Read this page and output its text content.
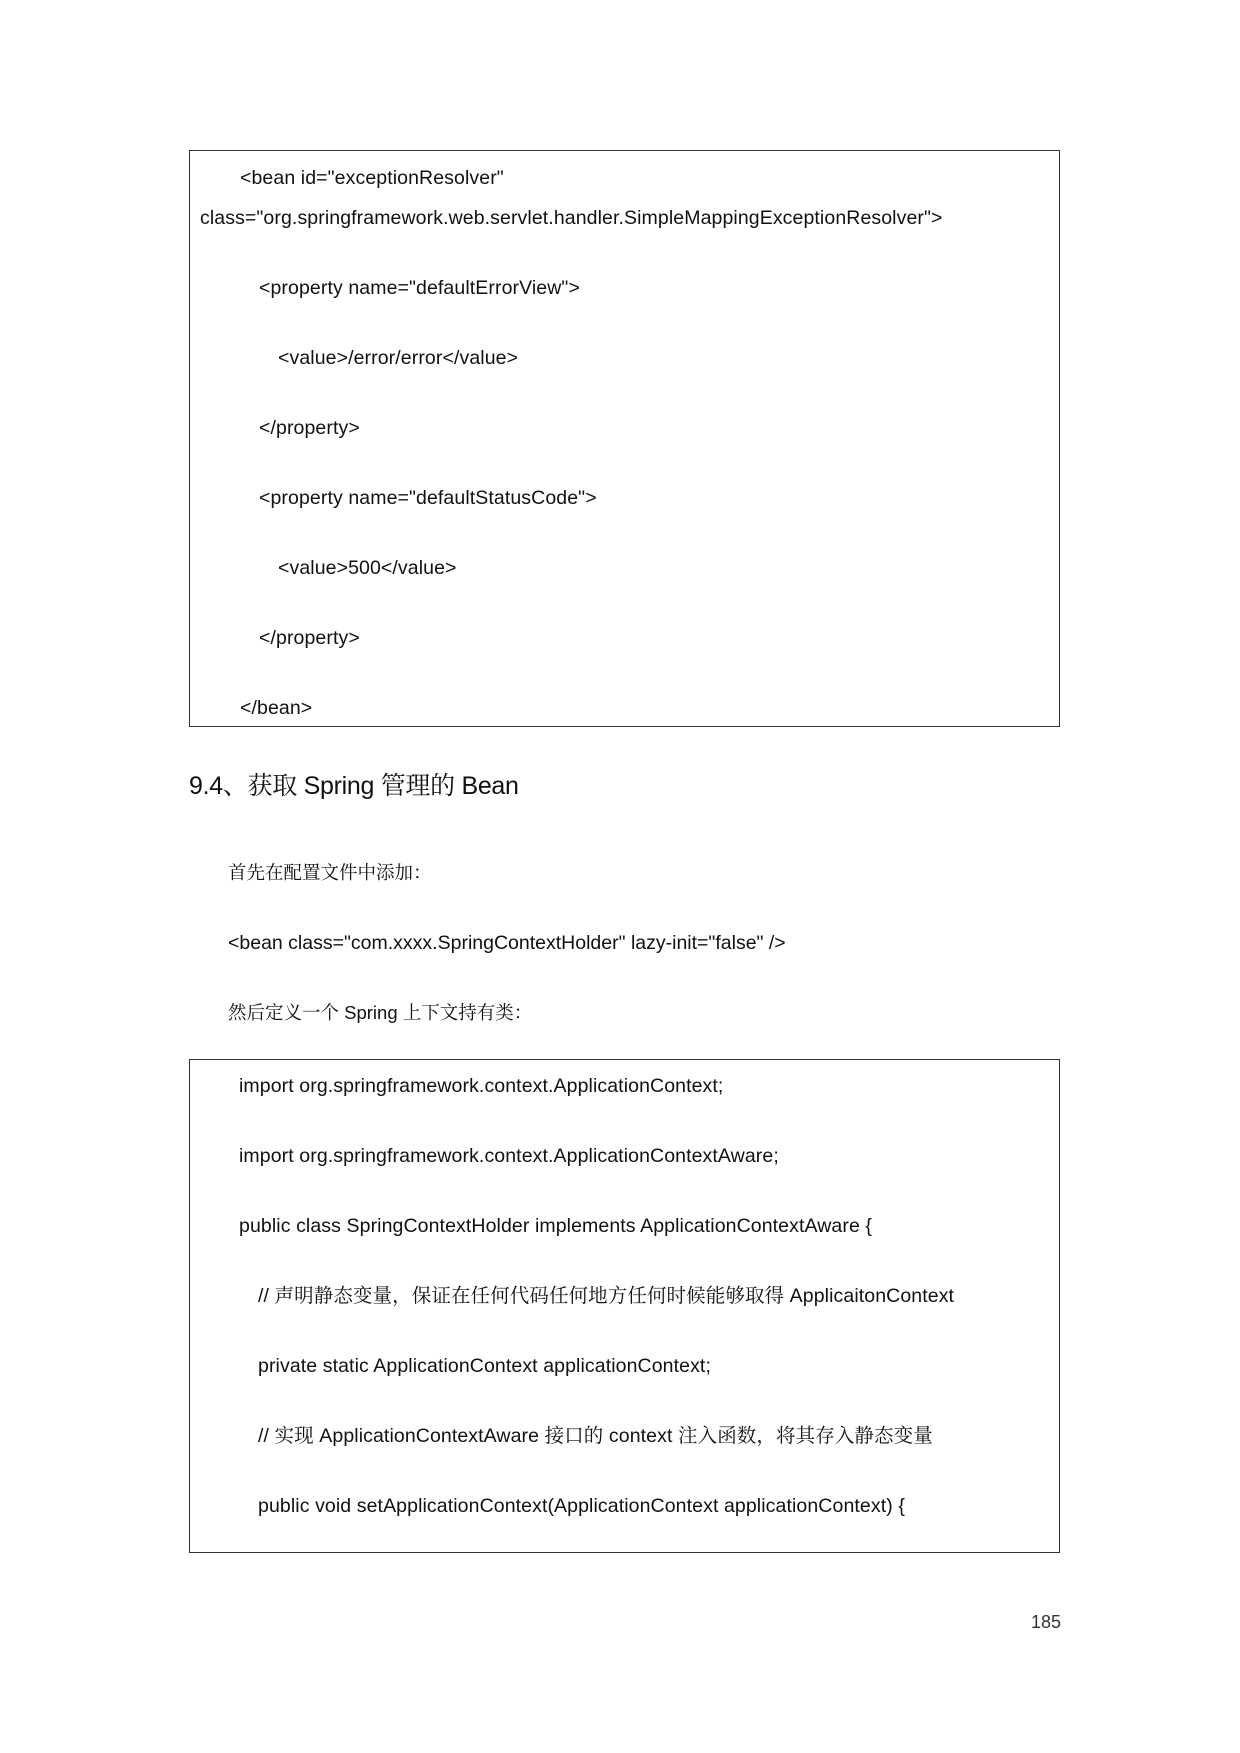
<bean id="exceptionResolver"
class="org.springframework.web.servlet.handler.SimpleMappingExceptionResolver">
<property name="defaultErrorView">
<value>/error/error</value>
</property>
<property name="defaultStatusCode">
<value>500</value>
</property>
</bean>
9.4、获取 Spring 管理的 Bean
首先在配置文件中添加：
<bean class="com.xxxx.SpringContextHolder" lazy-init="false" />
然后定义一个 Spring 上下文持有类：
import org.springframework.context.ApplicationContext;
import org.springframework.context.ApplicationContextAware;
public class SpringContextHolder implements ApplicationContextAware {
// 声明静态变量，保证在任何代码任何地方任何时候能够取得 ApplicaitonContext
private static ApplicationContext applicationContext;
// 实现 ApplicationContextAware 接口的 context 注入函数，将其存入静态变量
public void setApplicationContext(ApplicationContext applicationContext) {
185
